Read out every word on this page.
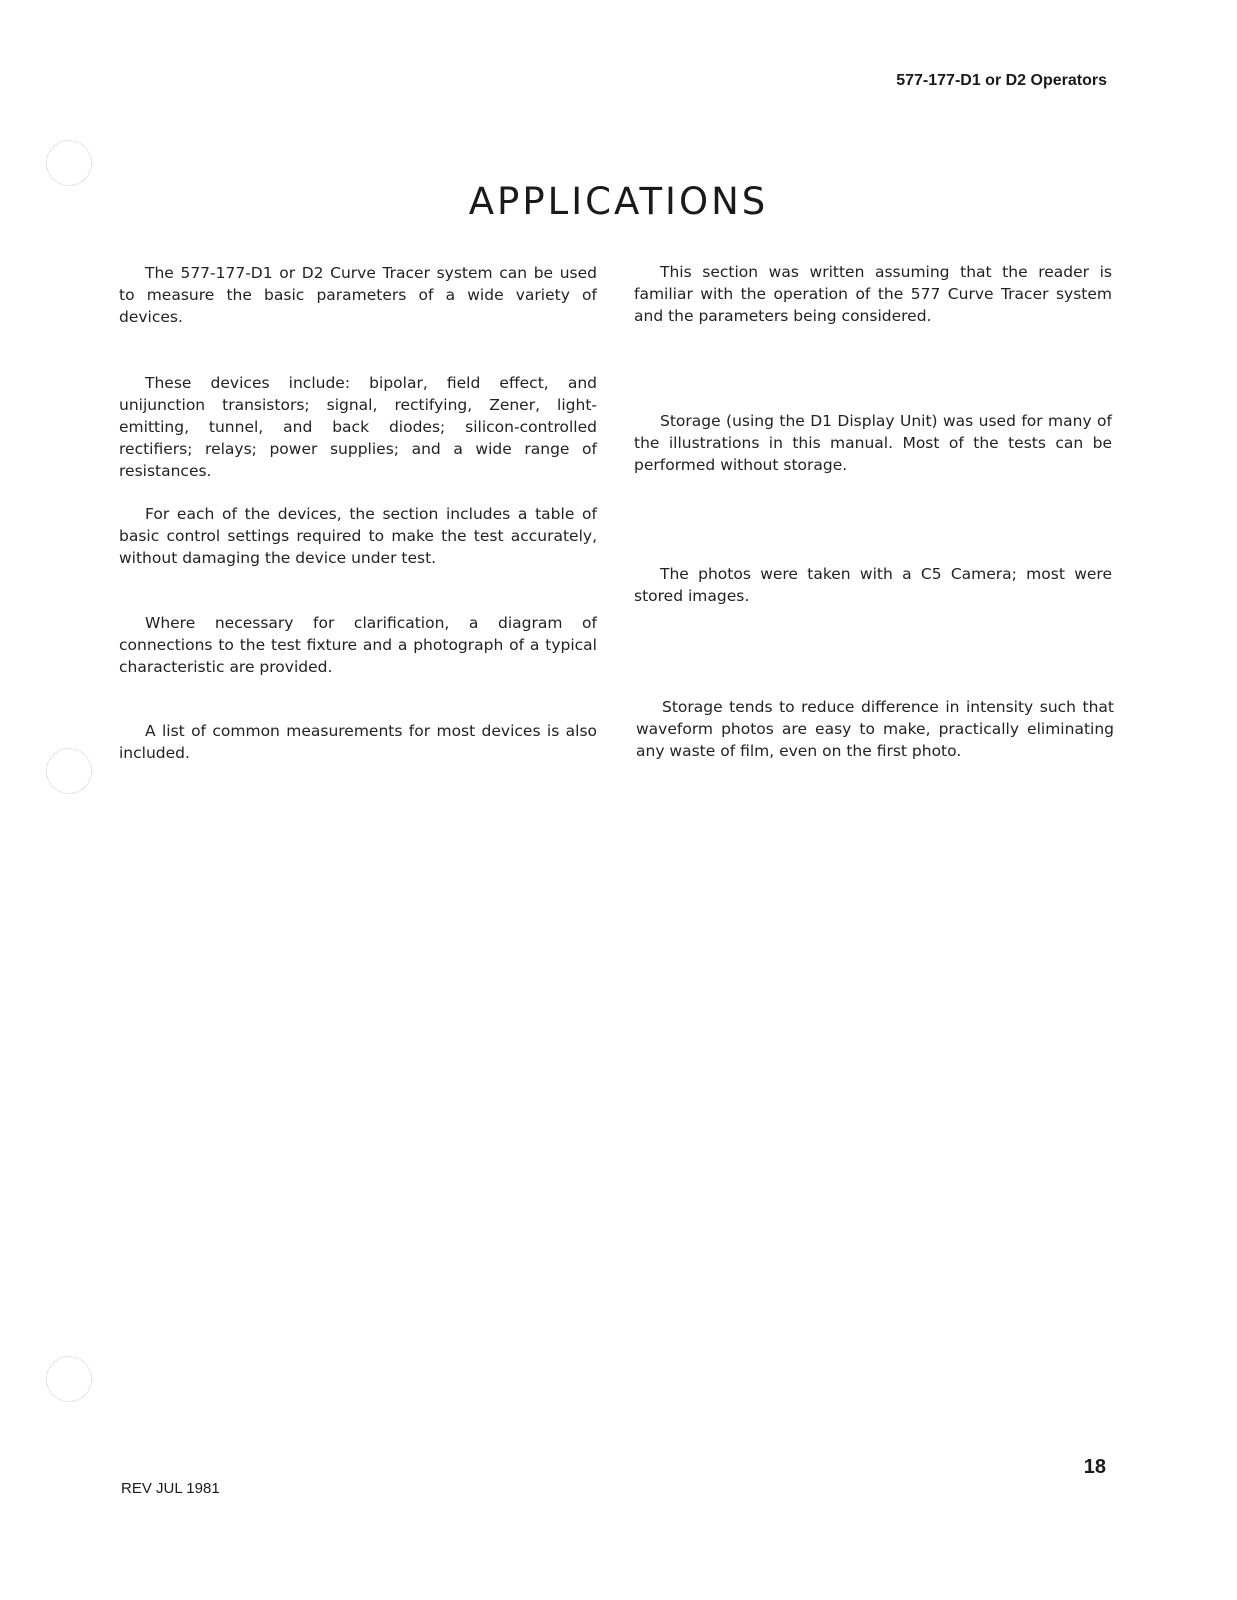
577-177-D1 or D2 Operators
APPLICATIONS

The 577-177-D1 or D2 Curve Tracer system can be used to measure the basic parameters of a wide variety of devices.

These devices include: bipolar, field effect, and unijunction transistors; signal, rectifying, Zener, light-emitting, tunnel, and back diodes; silicon-controlled rectifiers; relays; power supplies; and a wide range of resistances.

For each of the devices, the section includes a table of basic control settings required to make the test accurately, without damaging the device under test.

Where necessary for clarification, a diagram of connections to the test fixture and a photograph of a typical characteristic are provided.

A list of common measurements for most devices is also included.

This section was written assuming that the reader is familiar with the operation of the 577 Curve Tracer system and the parameters being considered.

Storage (using the D1 Display Unit) was used for many of the illustrations in this manual. Most of the tests can be performed without storage.

The photos were taken with a C5 Camera; most were stored images.

Storage tends to reduce difference in intensity such that waveform photos are easy to make, practically eliminating any waste of film, even on the first photo.

REV JUL 1981
18
